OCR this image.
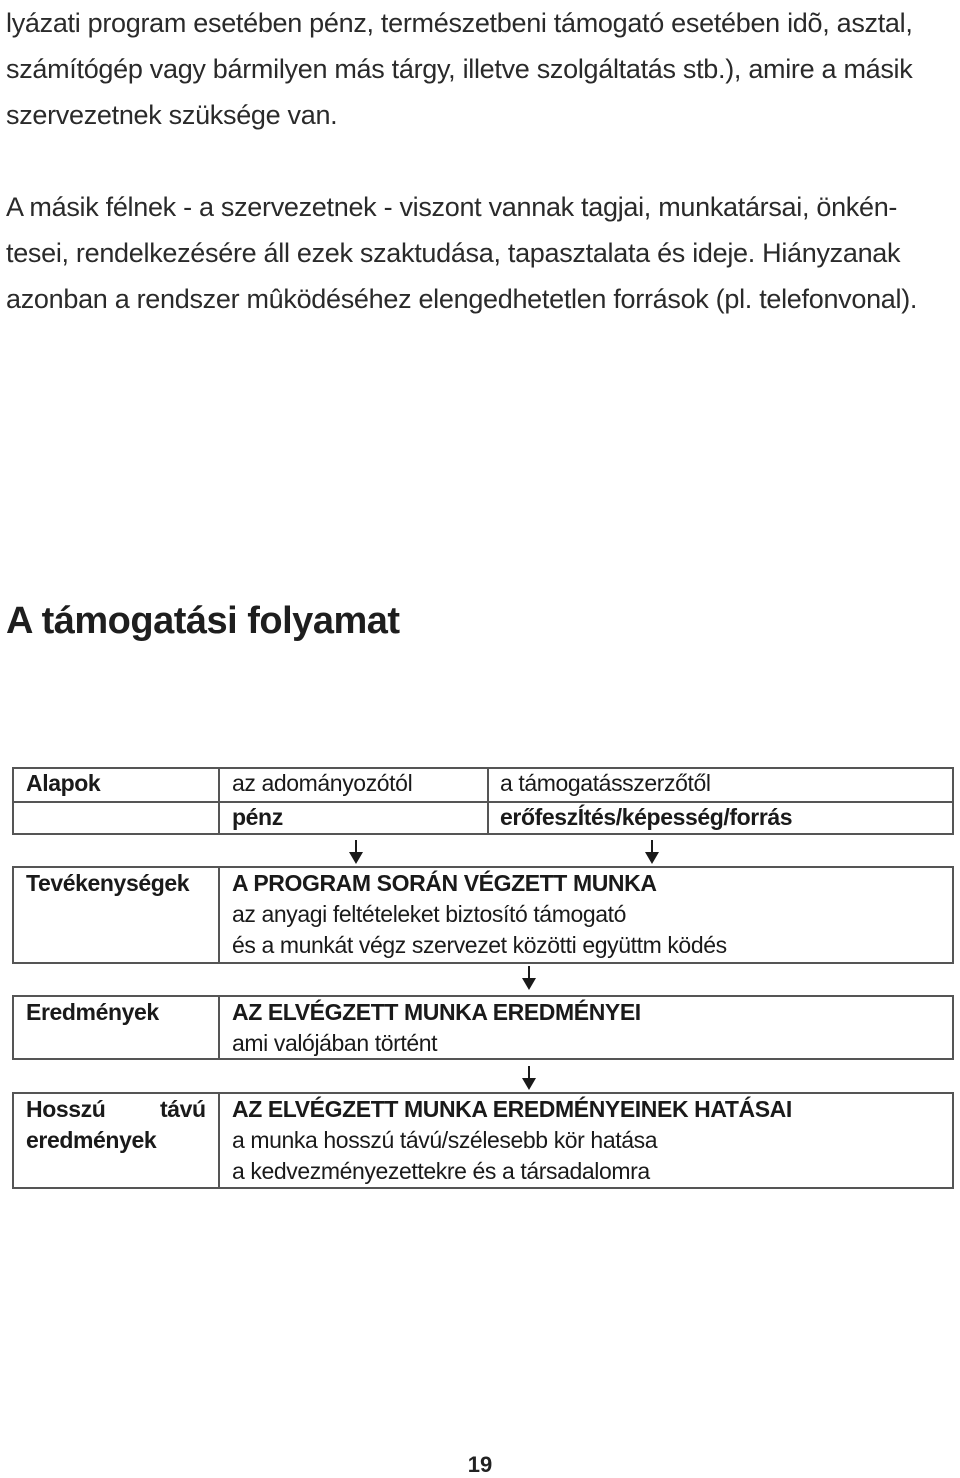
lyázati program esetében pénz, természetbeni támogató esetében idõ, asztal,
számítógép vagy bármilyen más tárgy, illetve szolgáltatás stb.), amire a másik
szervezetnek szüksége van.
A másik félnek - a szervezetnek - viszont vannak tagjai, munkatársai, önkén-
tesei, rendelkezésére áll ezek szaktudása, tapasztalata és ideje. Hiányzanak
azonban a rendszer mûködéséhez elengedhetetlen források (pl. telefonvonal).
A támogatási folyamat
Alapok	az adományozótól
pénz
a támogatásszerzőtől
erőfeszÍtés/képesség/forrás
Tevékenységek A PROGRAM SORÁN VÉGZETT MUNKA
az anyagi feltételeket biztosító támogató
és a munkát végz szervezet közötti együttm ködés
Eredmények	AZ ELVÉGZETT MUNKA EREDMÉNYEI
ami valójában történt
Hosszú távú
eredmények
AZ ELVÉGZETT MUNKA EREDMÉNYEINEK HATÁSAI
a munka hosszú távú/szélesebb kör hatása
a kedvezményezettekre és a társadalomra
19
